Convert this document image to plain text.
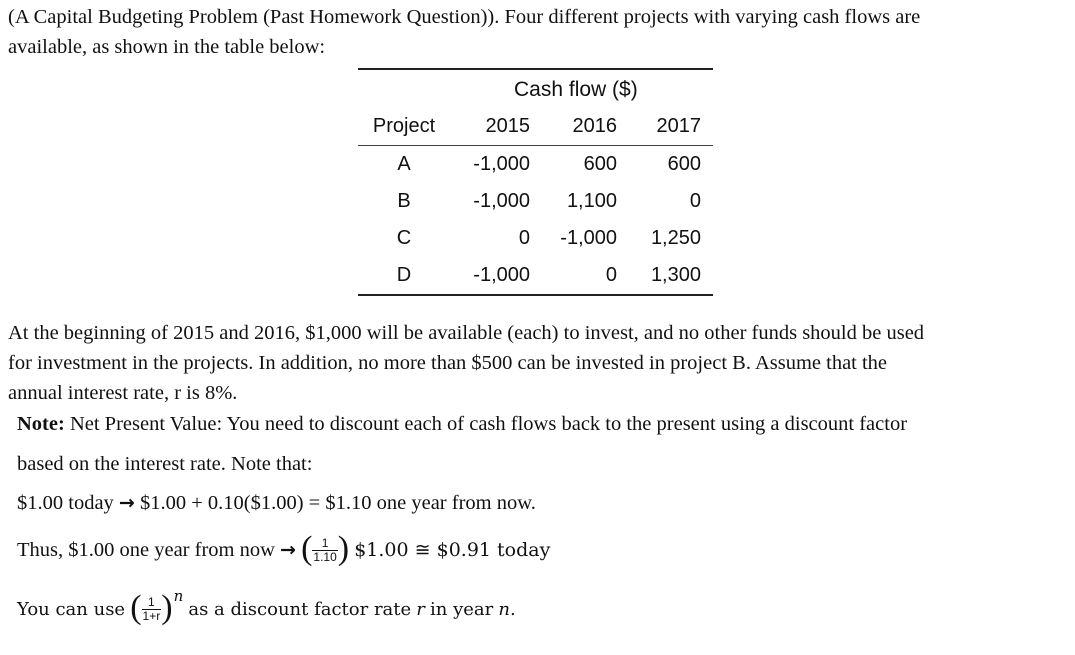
(A Capital Budgeting Problem (Past Homework Question)). Four different projects with varying cash flows are

available, as shown in the table below:

Cash flow ($)
Project	2015	2016	2017
A	-1,000	600	600
B	-1,000	1,100	0
C	0	-1,000	1,250
D	-1,000	0	1,300

At the beginning of 2015 and 2016, $1,000 will be available (each) to invest, and no other funds should be used

for investment in the projects. In addition, no more than $500 can be invested in project B. Assume that the

annual interest rate, r is 8%.

Note: Net Present Value: You need to discount each of cash flows back to the present using a discount factor

based on the interest rate. Note that:

$1.00 today → $1.00 + 0.10($1.00) = $1.10 one year from now.

Thus, $1.00 one year from now → ( $\frac{1}{1.10}$ ) $1.00 ≅ $0.91 today

You can use ( $\frac{1}{1+r} )^n$ as a discount factor rate r in year n.
